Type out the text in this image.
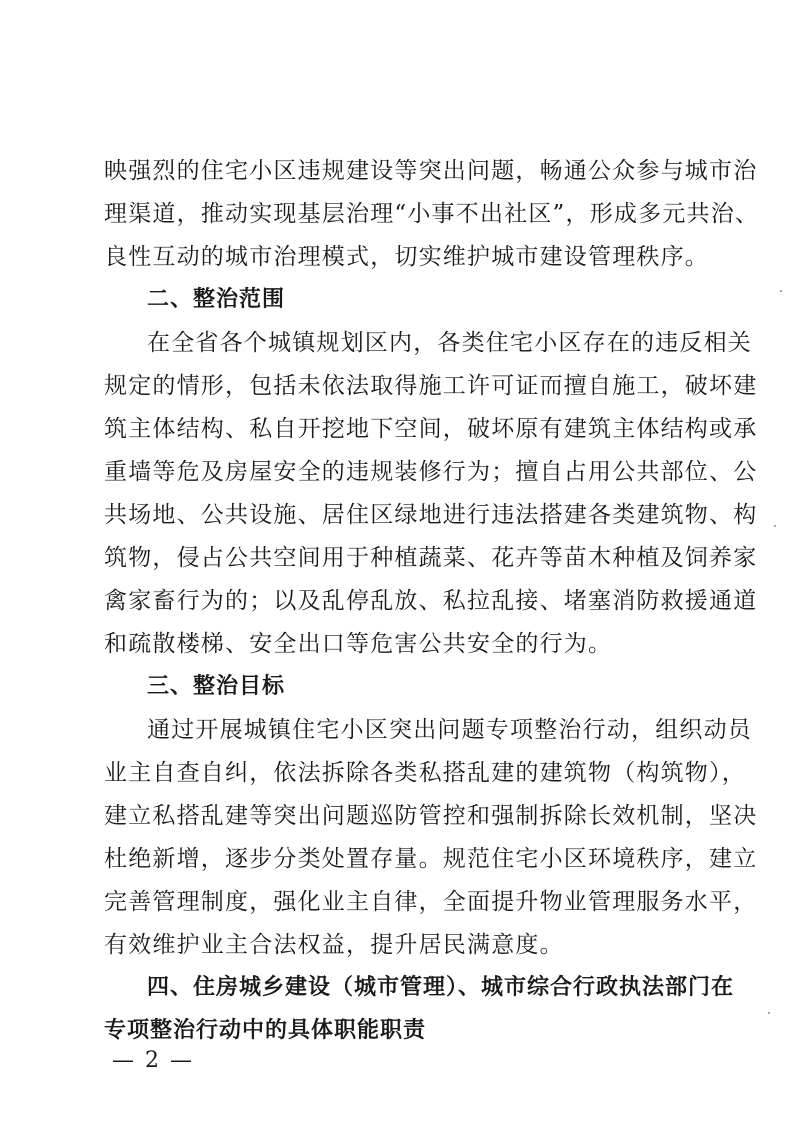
映强烈的住宅小区违规建设等突出问题，畅通公众参与城市治
理渠道，推动实现基层治理“小事不出社区”，形成多元共治、
良性互动的城市治理模式，切实维护城市建设管理秩序。
二、整治范围
在全省各个城镇规划区内，各类住宅小区存在的违反相关
规定的情形，包括未依法取得施工许可证而擅自施工，破坏建
筑主体结构、私自开挖地下空间，破坏原有建筑主体结构或承
重墙等危及房屋安全的违规装修行为；擅自占用公共部位、公
共场地、公共设施、居住区绿地进行违法搭建各类建筑物、构
筑物，侵占公共空间用于种植蔬菜、花卉等苗木种植及饲养家
禽家畜行为的；以及乱停乱放、私拉乱接、堵塞消防救援通道
和疏散楼梯、安全出口等危害公共安全的行为。
三、整治目标
通过开展城镇住宅小区突出问题专项整治行动，组织动员
业主自查自纠，依法拆除各类私搭乱建的建筑物（构筑物），
建立私搭乱建等突出问题巡防管控和强制拆除长效机制，坚决
杜绝新增，逐步分类处置存量。规范住宅小区环境秩序，建立
完善管理制度，强化业主自律，全面提升物业管理服务水平，
有效维护业主合法权益，提升居民满意度。
四、住房城乡建设（城市管理）、城市综合行政执法部门在
专项整治行动中的具体职能职责
— 2 —
